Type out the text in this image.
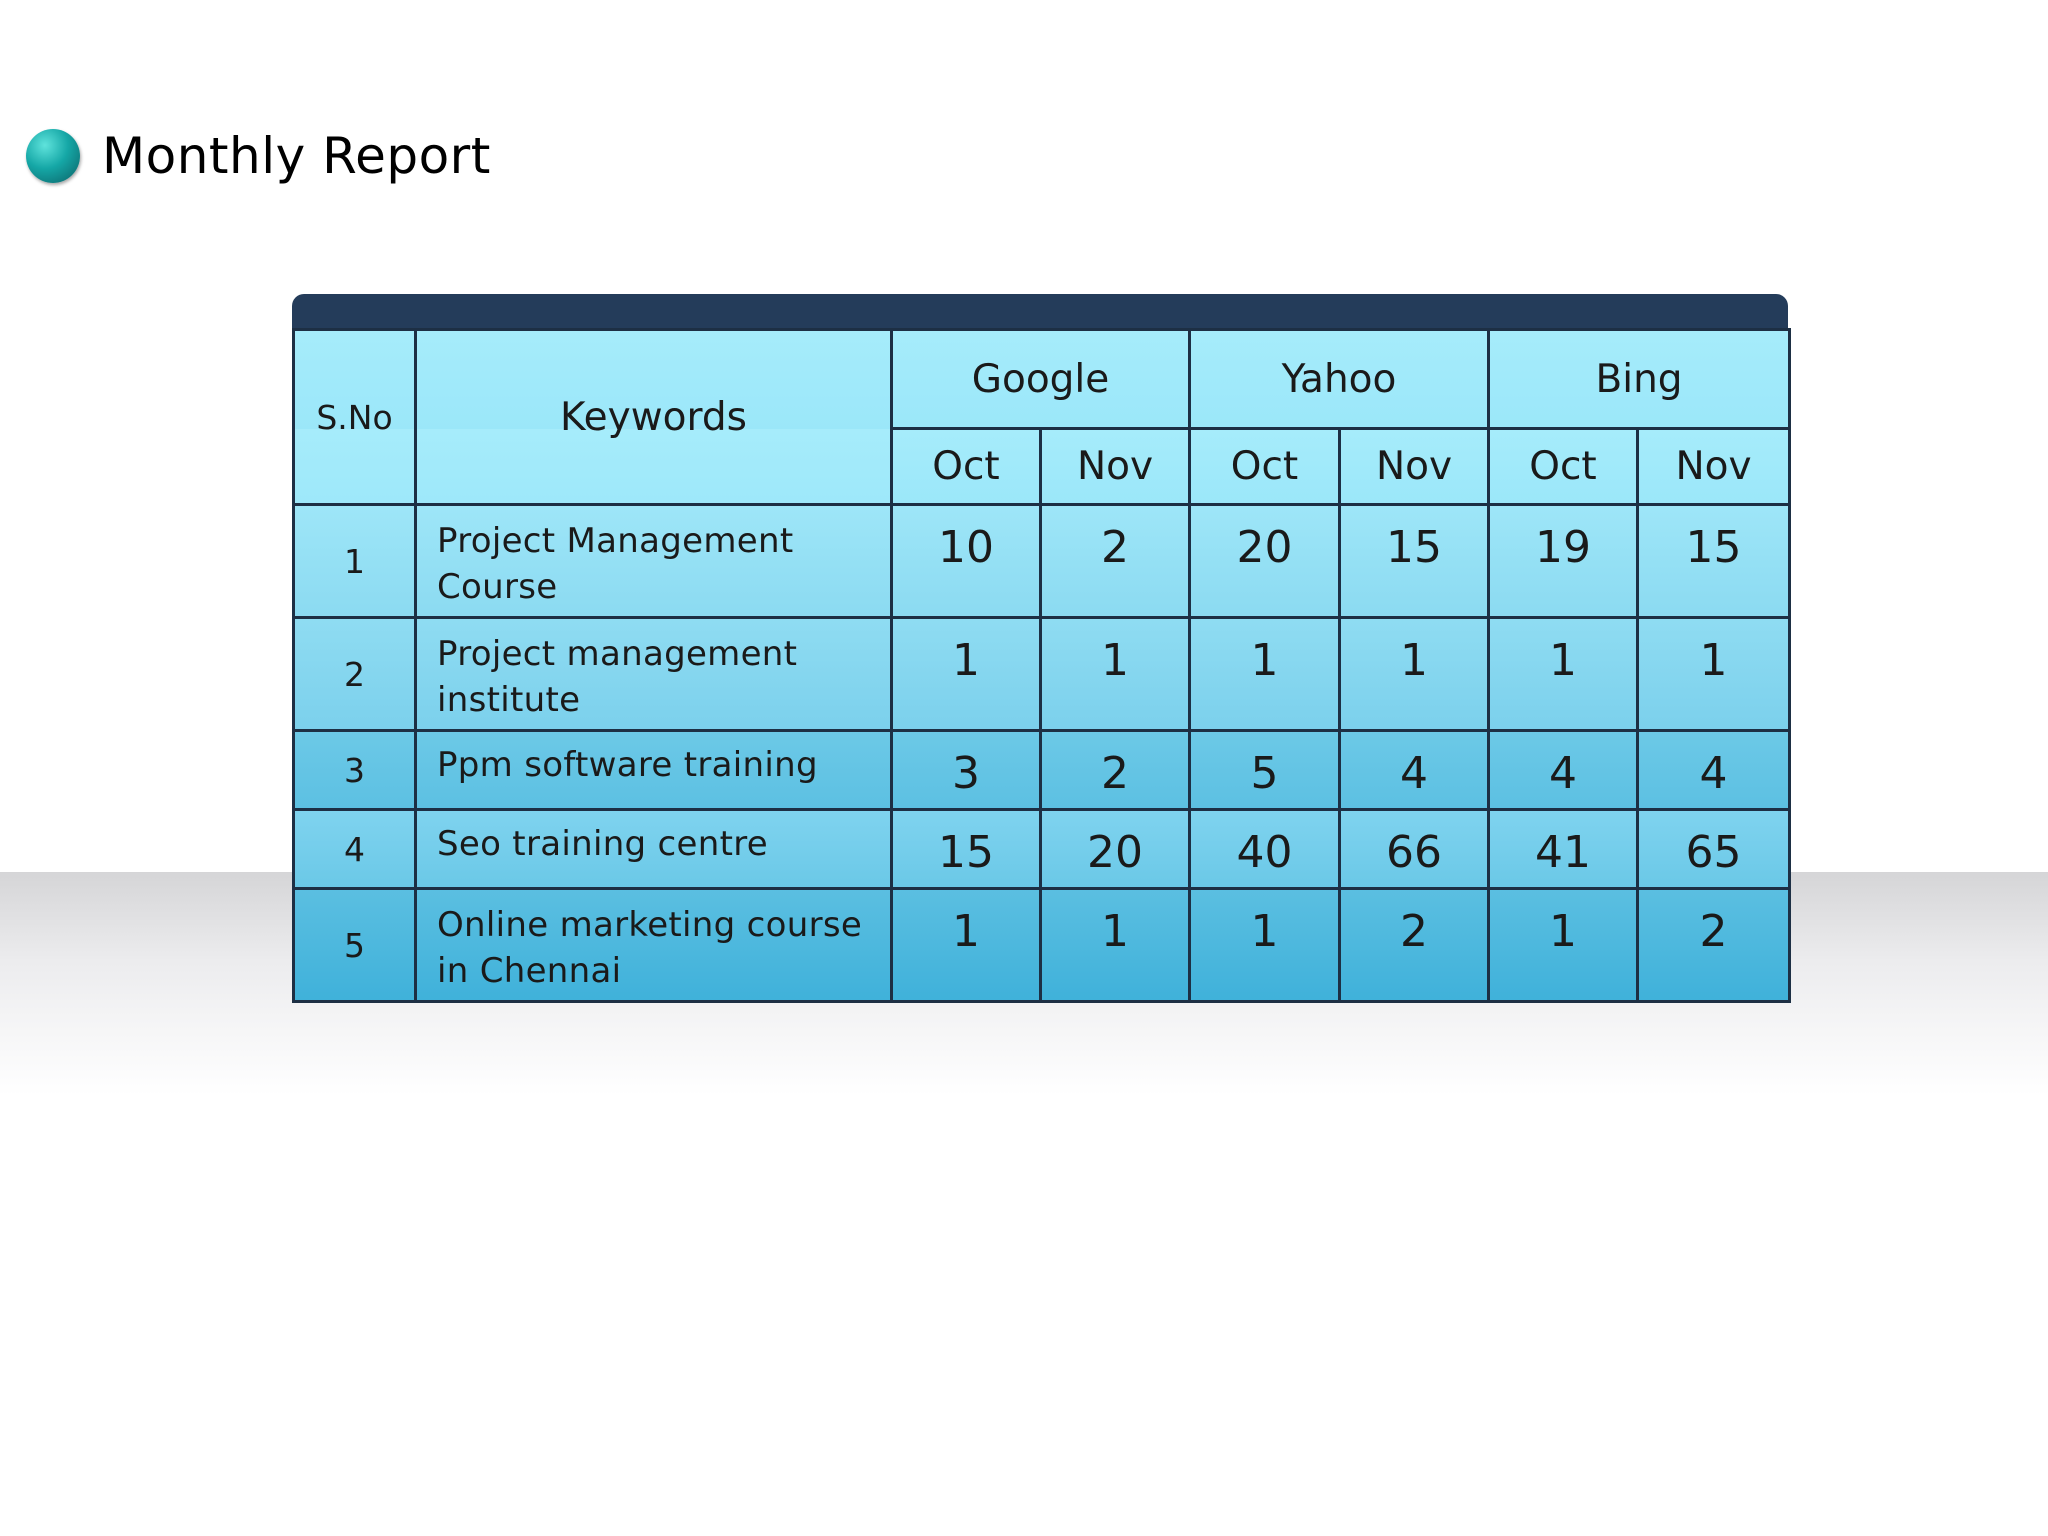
Monthly Report
S.No	Keywords	Google		Yahoo		Bing	
		Oct	Nov	Oct	Nov	Oct	Nov
1	Project Management Course	10	2	20	15	19	15
2	Project management institute	1	1	1	1	1	1
3	Ppm software training	3	2	5	4	4	4
4	Seo training centre	15	20	40	66	41	65
5	Online marketing course in Chennai	1	1	1	2	1	2
